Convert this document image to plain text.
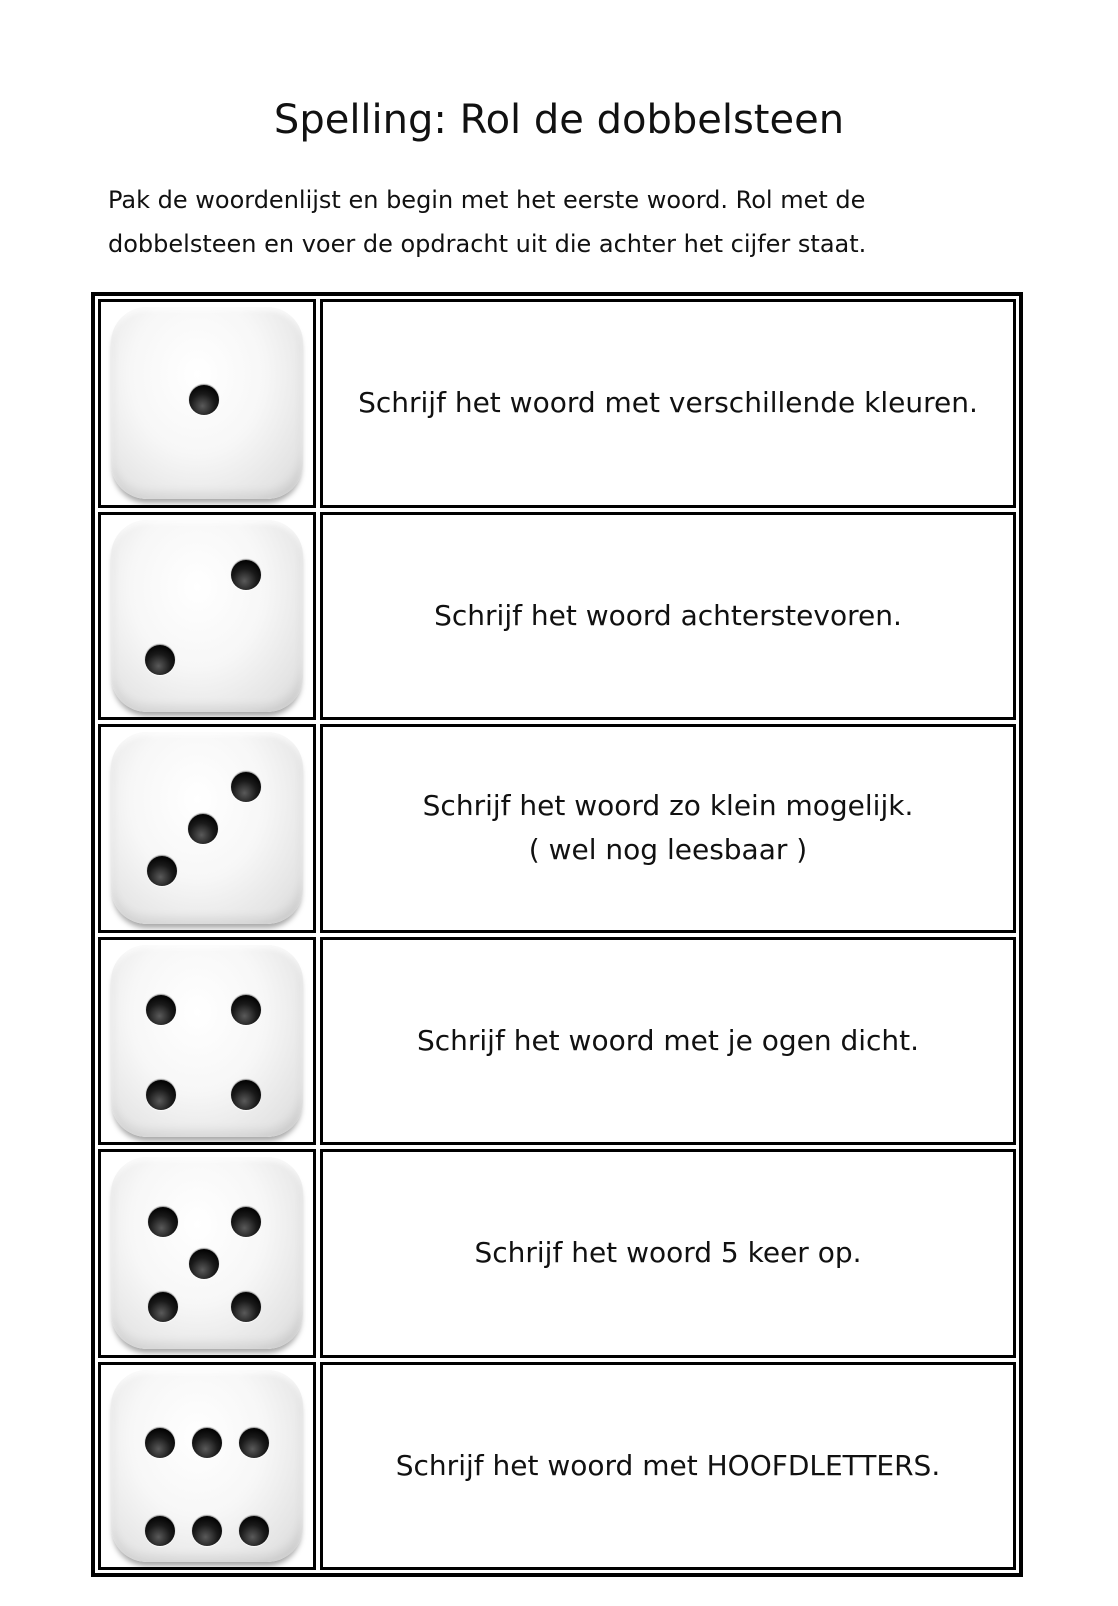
Spelling: Rol de dobbelsteen

Pak de woordenlijst en begin met het eerste woord. Rol met de
dobbelsteen en voer de opdracht uit die achter het cijfer staat.

Schrijf het woord met verschillende kleuren.
Schrijf het woord achterstevoren.
Schrijf het woord zo klein mogelijk.
( wel nog leesbaar )
Schrijf het woord met je ogen dicht.
Schrijf het woord 5 keer op.
Schrijf het woord met HOOFDLETTERS.
